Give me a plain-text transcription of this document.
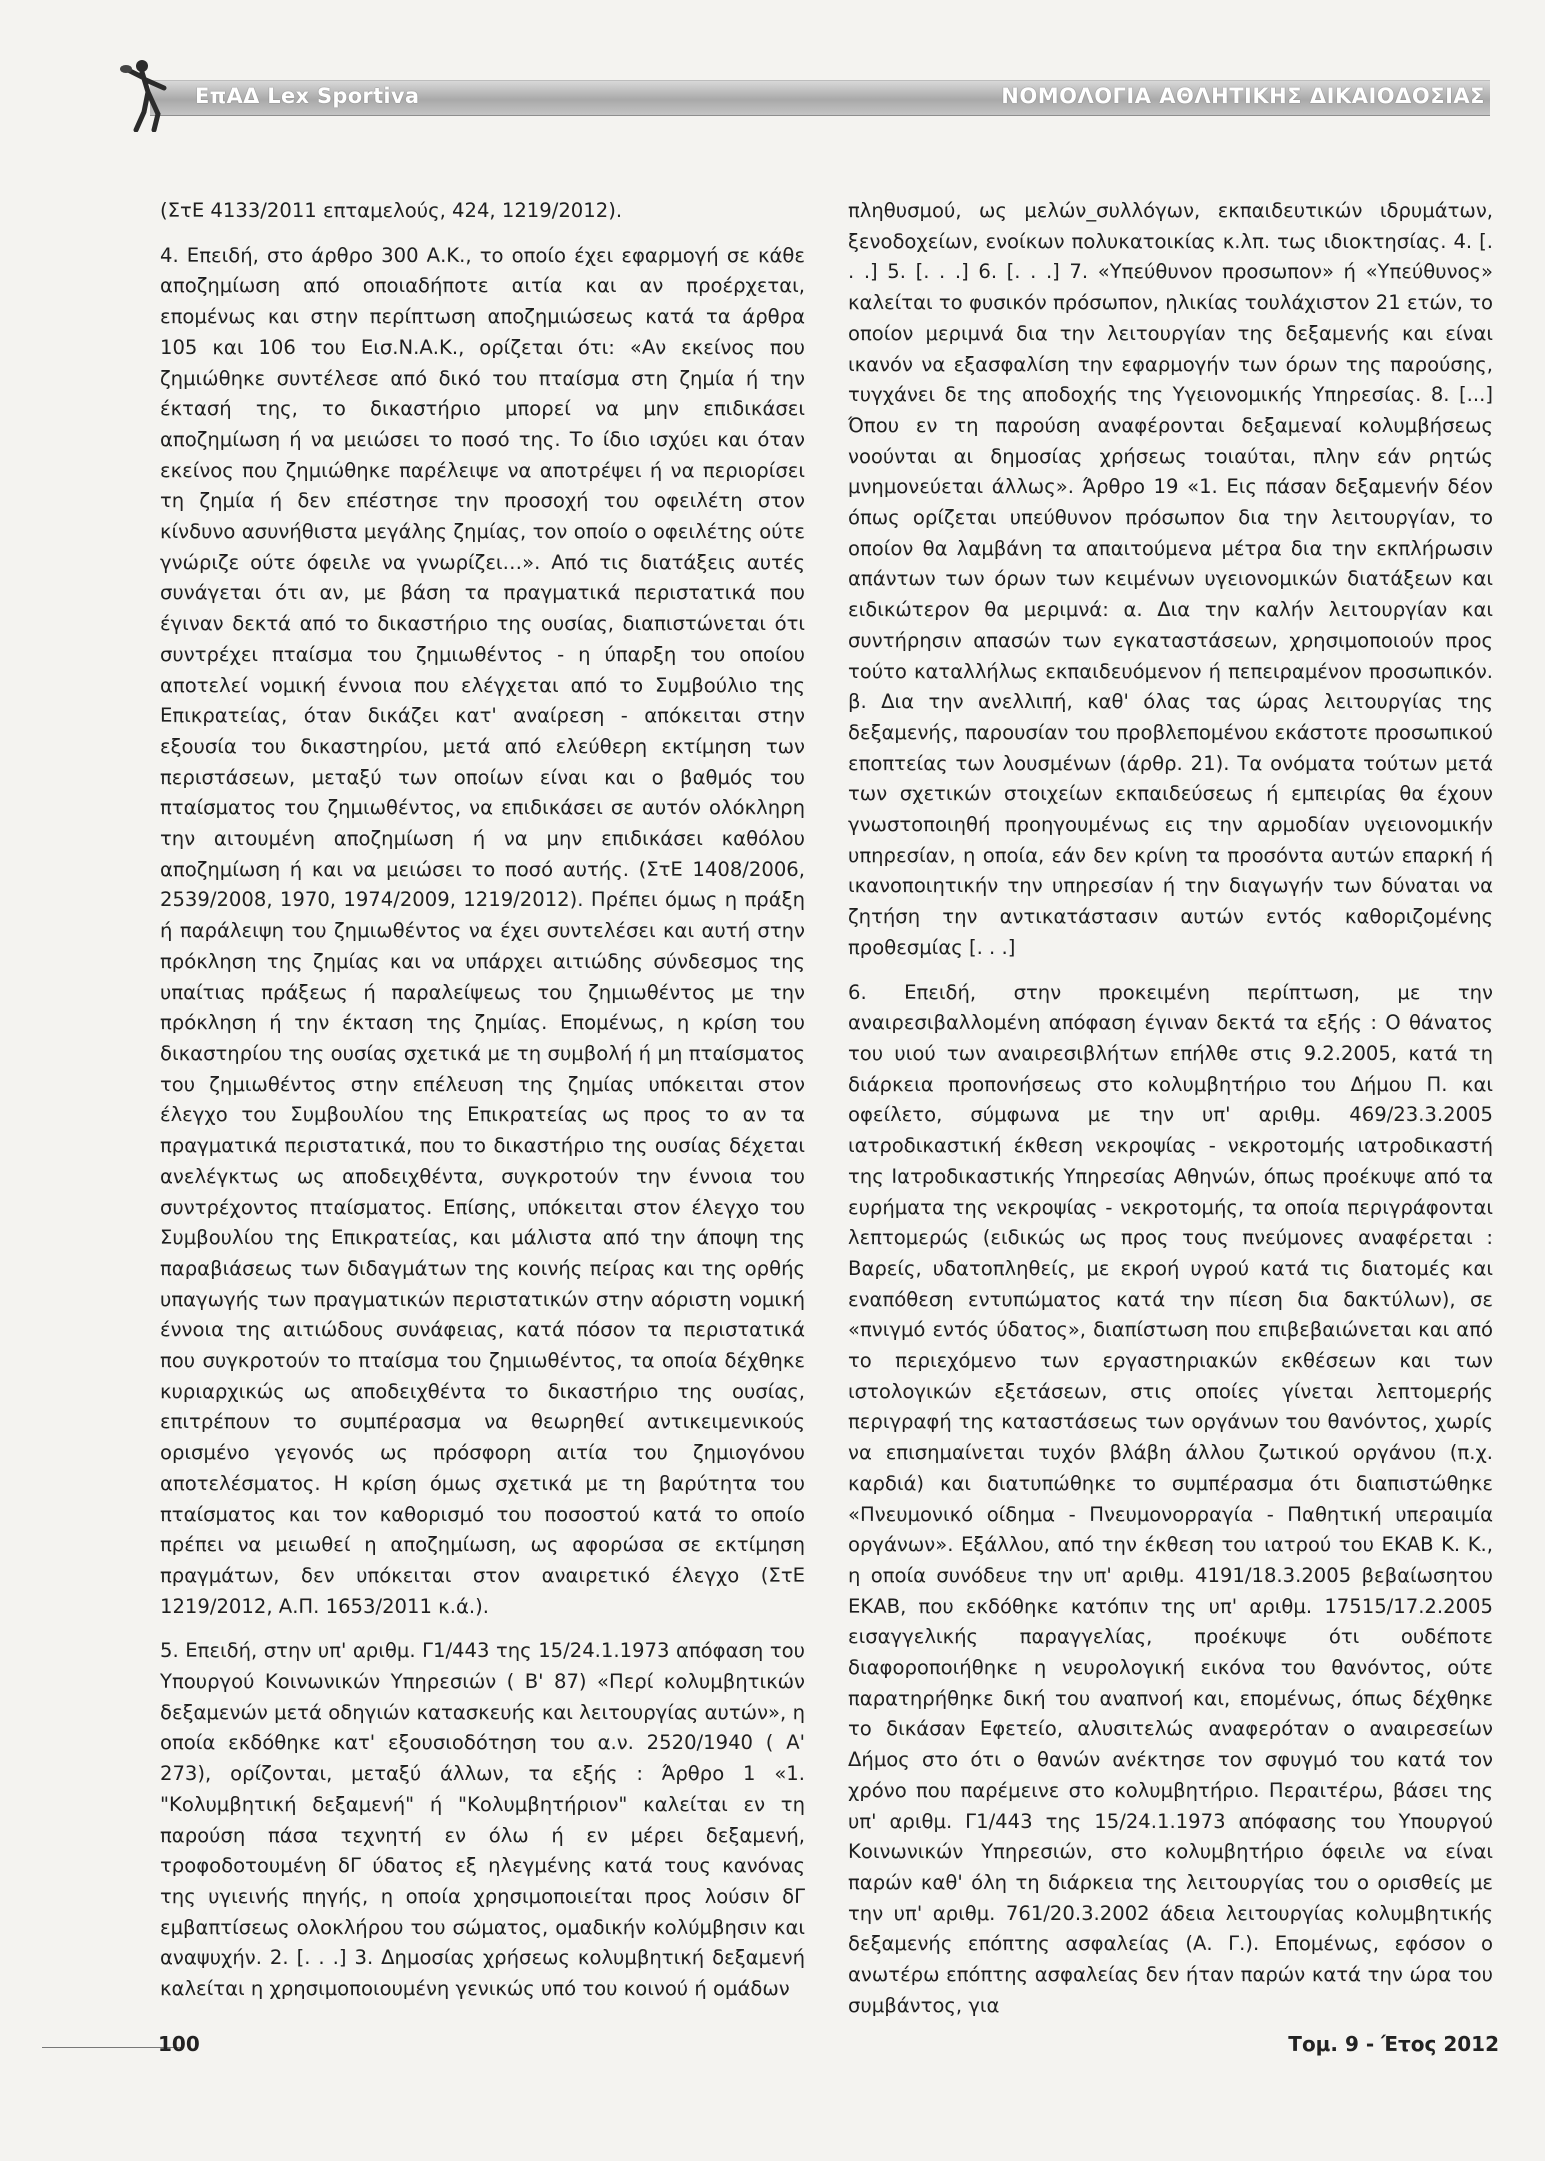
ΕπΑΔ Lex Sportiva	ΝΟΜΟΛΟΓΙΑ ΑΘΛΗΤΙΚΗΣ ΔΙΚΑΙΟΔΟΣΙΑΣ

(ΣτΕ 4133/2011 επταμελούς, 424, 1219/2012).

4. Επειδή, στο άρθρο 300 Α.Κ., το οποίο έχει εφαρμογή σε κάθε αποζημίωση από οποιαδήποτε αιτία και αν προέρχεται, επομένως και στην περίπτωση αποζημιώσεως κατά τα άρθρα 105 και 106 του Εισ.Ν.Α.Κ., ορίζεται ότι: «Αν εκείνος που ζημιώθηκε συντέλεσε από δικό του πταίσμα στη ζημία ή την έκτασή της, το δικαστήριο μπορεί να μην επιδικάσει αποζημίωση ή να μειώσει το ποσό της. Το ίδιο ισχύει και όταν εκείνος που ζημιώθηκε παρέλειψε να αποτρέψει ή να περιορίσει τη ζημία ή δεν επέστησε την προσοχή του οφειλέτη στον κίνδυνο ασυνήθιστα μεγάλης ζημίας, τον οποίο ο οφειλέτης ούτε γνώριζε ούτε όφειλε να γνωρίζει…». Από τις διατάξεις αυτές συνάγεται ότι αν, με βάση τα πραγματικά περιστατικά που έγιναν δεκτά από το δικαστήριο της ουσίας, διαπιστώνεται ότι συντρέχει πταίσμα του ζημιωθέντος - η ύπαρξη του οποίου αποτελεί νομική έννοια που ελέγχεται από το Συμβούλιο της Επικρατείας, όταν δικάζει κατ' αναίρεση - απόκειται στην εξουσία του δικαστηρίου, μετά από ελεύθερη εκτίμηση των περιστάσεων, μεταξύ των οποίων είναι και ο βαθμός του πταίσματος του ζημιωθέντος, να επιδικάσει σε αυτόν ολόκληρη την αιτουμένη αποζημίωση ή να μην επιδικάσει καθόλου αποζημίωση ή και να μειώσει το ποσό αυτής. (ΣτΕ 1408/2006, 2539/2008, 1970, 1974/2009, 1219/2012). Πρέπει όμως η πράξη ή παράλειψη του ζημιωθέντος να έχει συντελέσει και αυτή στην πρόκληση της ζημίας και να υπάρχει αιτιώδης σύνδεσμος της υπαίτιας πράξεως ή παραλείψεως του ζημιωθέντος με την πρόκληση ή την έκταση της ζημίας. Επομένως, η κρίση του δικαστηρίου της ουσίας σχετικά με τη συμβολή ή μη πταίσματος του ζημιωθέντος στην επέλευση της ζημίας υπόκειται στον έλεγχο του Συμβουλίου της Επικρατείας ως προς το αν τα πραγματικά περιστατικά, που το δικαστήριο της ουσίας δέχεται ανελέγκτως ως αποδειχθέντα, συγκροτούν την έννοια του συντρέχοντος πταίσματος. Επίσης, υπόκειται στον έλεγχο του Συμβουλίου της Επικρατείας, και μάλιστα από την άποψη της παραβιάσεως των διδαγμάτων της κοινής πείρας και της ορθής υπαγωγής των πραγματικών περιστατικών στην αόριστη νομική έννοια της αιτιώδους συνάφειας, κατά πόσον τα περιστατικά που συγκροτούν το πταίσμα του ζημιωθέντος, τα οποία δέχθηκε κυριαρχικώς ως αποδειχθέντα το δικαστήριο της ουσίας, επιτρέπουν το συμπέρασμα να θεωρηθεί αντικειμενικούς ορισμένο γεγονός ως πρόσφορη αιτία του ζημιογόνου αποτελέσματος. Η κρίση όμως σχετικά με τη βαρύτητα του πταίσματος και τον καθορισμό του ποσοστού κατά το οποίο πρέπει να μειωθεί η αποζημίωση, ως αφορώσα σε εκτίμηση πραγμάτων, δεν υπόκειται στον αναιρετικό έλεγχο (ΣτΕ 1219/2012, Α.Π. 1653/2011 κ.ά.).

5. Επειδή, στην υπ' αριθμ. Γ1/443 της 15/24.1.1973 απόφαση του Υπουργού Κοινωνικών Υπηρεσιών ( Β' 87) «Περί κολυμβητικών δεξαμενών μετά οδηγιών κατασκευής και λειτουργίας αυτών», η οποία εκδόθηκε κατ' εξουσιοδότηση του α.ν. 2520/1940 ( Α' 273), ορίζονται, μεταξύ άλλων, τα εξής : Άρθρο 1 «1. "Κολυμβητική δεξαμενή" ή "Κολυμβητήριον" καλείται εν τη παρούση πάσα τεχνητή εν όλω ή εν μέρει δεξαμενή, τροφοδοτουμένη δΓ ύδατος εξ ηλεγμένης κατά τους κανόνας της υγιεινής πηγής, η οποία χρησιμοποιείται προς λούσιν δΓ εμβαπτίσεως ολοκλήρου του σώματος, ομαδικήν κολύμβησιν και αναψυχήν. 2. [. . .] 3. Δημοσίας χρήσεως κολυμβητική δεξαμενή καλείται η χρησιμοποιουμένη γενικώς υπό του κοινού ή ομάδων

πληθυσμού, ως μελών_συλλόγων, εκπαιδευτικών ιδρυμάτων, ξενοδοχείων, ενοίκων πολυκατοικίας κ.λπ. τως ιδιοκτησίας. 4. [. . .] 5. [. . .] 6. [. . .] 7. «Υπεύθυνον προσωπον» ή «Υπεύθυνος» καλείται το φυσικόν πρόσωπον, ηλικίας τουλάχιστον 21 ετών, το οποίον μεριμνά δια την λειτουργίαν της δεξαμενής και είναι ικανόν να εξασφαλίση την εφαρμογήν των όρων της παρούσης, τυγχάνει δε της αποδοχής της Υγειονομικής Υπηρεσίας. 8. [...] Όπου εν τη παρούση αναφέρονται δεξαμεναί κολυμβήσεως νοούνται αι δημοσίας χρήσεως τοιαύται, πλην εάν ρητώς μνημονεύεται άλλως». Άρθρο 19 «1. Εις πάσαν δεξαμενήν δέον όπως ορίζεται υπεύθυνον πρόσωπον δια την λειτουργίαν, το οποίον θα λαμβάνη τα απαιτούμενα μέτρα δια την εκπλήρωσιν απάντων των όρων των κειμένων υγειονομικών διατάξεων και ειδικώτερον θα μεριμνά: α. Δια την καλήν λειτουργίαν και συντήρησιν απασών των εγκαταστάσεων, χρησιμοποιούν προς τούτο καταλλήλως εκπαιδευόμενον ή πεπειραμένον προσωπικόν. β. Δια την ανελλιπή, καθ' όλας τας ώρας λειτουργίας της δεξαμενής, παρουσίαν του προβλεπομένου εκάστοτε προσωπικού εποπτείας των λουσμένων (άρθρ. 21). Τα ονόματα τούτων μετά των σχετικών στοιχείων εκπαιδεύσεως ή εμπειρίας θα έχουν γνωστοποιηθή προηγουμένως εις την αρμοδίαν υγειονομικήν υπηρεσίαν, η οποία, εάν δεν κρίνη τα προσόντα αυτών επαρκή ή ικανοποιητικήν την υπηρεσίαν ή την διαγωγήν των δύναται να ζητήση την αντικατάστασιν αυτών εντός καθοριζομένης προθεσμίας [. . .]

6. Επειδή, στην προκειμένη περίπτωση, με την αναιρεσιβαλλομένη απόφαση έγιναν δεκτά τα εξής : Ο θάνατος του υιού των αναιρεσιβλήτων επήλθε στις 9.2.2005, κατά τη διάρκεια προπονήσεως στο κολυμβητήριο του Δήμου Π. και οφείλετο, σύμφωνα με την υπ' αριθμ. 469/23.3.2005 ιατροδικαστική έκθεση νεκροψίας - νεκροτομής ιατροδικαστή της Ιατροδικαστικής Υπηρεσίας Αθηνών, όπως προέκυψε από τα ευρήματα της νεκροψίας - νεκροτομής, τα οποία περιγράφονται λεπτομερώς (ειδικώς ως προς τους πνεύμονες αναφέρεται : Βαρείς, υδατοπληθείς, με εκροή υγρού κατά τις διατομές και εναπόθεση εντυπώματος κατά την πίεση δια δακτύλων), σε «πνιγμό εντός ύδατος», διαπίστωση που επιβεβαιώνεται και από το περιεχόμενο των εργαστηριακών εκθέσεων και των ιστολογικών εξετάσεων, στις οποίες γίνεται λεπτομερής περιγραφή της καταστάσεως των οργάνων του θανόντος, χωρίς να επισημαίνεται τυχόν βλάβη άλλου ζωτικού οργάνου (π.χ. καρδιά) και διατυπώθηκε το συμπέρασμα ότι διαπιστώθηκε «Πνευμονικό οίδημα - Πνευμονορραγία - Παθητική υπεραιμία οργάνων». Εξάλλου, από την έκθεση του ιατρού του ΕΚΑΒ Κ. Κ., η οποία συνόδευε την υπ' αριθμ. 4191/18.3.2005 βεβαίωσητου ΕΚΑΒ, που εκδόθηκε κατόπιν της υπ' αριθμ. 17515/17.2.2005 εισαγγελικής παραγγελίας, προέκυψε ότι ουδέποτε διαφοροποιήθηκε η νευρολογική εικόνα του θανόντος, ούτε παρατηρήθηκε δική του αναπνοή και, επομένως, όπως δέχθηκε το δικάσαν Εφετείο, αλυσιτελώς αναφερόταν ο αναιρεσείων Δήμος στο ότι ο θανών ανέκτησε τον σφυγμό του κατά τον χρόνο που παρέμεινε στο κολυμβητήριο. Περαιτέρω, βάσει της υπ' αριθμ. Γ1/443 της 15/24.1.1973 απόφασης του Υπουργού Κοινωνικών Υπηρεσιών, στο κολυμβητήριο όφειλε να είναι παρών καθ' όλη τη διάρκεια της λειτουργίας του ο ορισθείς με την υπ' αριθμ. 761/20.3.2002 άδεια λειτουργίας κολυμβητικής δεξαμενής επόπτης ασφαλείας (Α. Γ.). Επομένως, εφόσον ο ανωτέρω επόπτης ασφαλείας δεν ήταν παρών κατά την ώρα του συμβάντος, για

100	Τομ. 9 - Έτος 2012
